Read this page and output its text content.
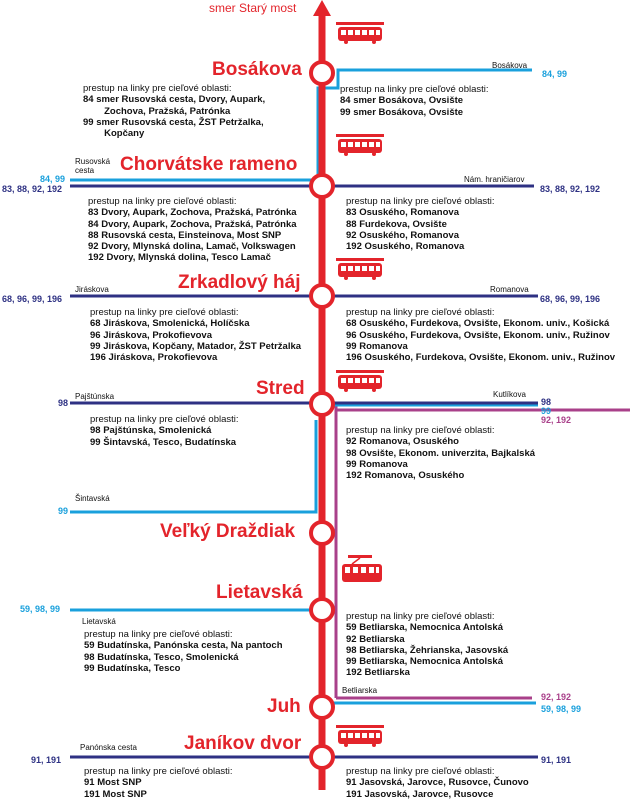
smer Starý most
Bosákova	Bosákova
84, 99
prestup na linky pre cieľové oblasti:
84 smer Rusovská cesta, Dvory, Aupark,
Zochova, Pražská, Patrónka
99 smer Rusovská cesta, ŽST Petržalka,
Kopčany
prestup na linky pre cieľové oblasti:
84 smer Bosákova, Ovsište
99 smer Bosákova, Ovsište
Chorvátske rameno
Rusovská
cesta
84, 99
83, 88, 92, 192
Nám. hraničiarov
83, 88, 92, 192
prestup na linky pre cieľové oblasti:
83 Dvory, Aupark, Zochova, Pražská, Patrónka
84 Dvory, Aupark, Zochova, Pražská, Patrónka
88 Rusovská cesta, Einsteinova, Most SNP
92 Dvory, Mlynská dolina, Lamač, Volkswagen
192 Dvory, Mlynská dolina, Tesco Lamač
prestup na linky pre cieľové oblasti:
83 Osuského, Romanova
88 Furdekova, Ovsište
92 Osuského, Romanova
192 Osuského, Romanova
Zrkadlový háj
Jiráskova
68, 96, 99, 196
Romanova
68, 96, 99, 196
prestup na linky pre cieľové oblasti:
68 Jiráskova, Smolenická, Holíčska
96 Jiráskova, Prokofievova
99 Jiráskova, Kopčany, Matador, ŽST Petržalka
196 Jiráskova, Prokofievova
prestup na linky pre cieľové oblasti:
68 Osuského, Furdekova, Ovsište, Ekonom. univ., Košická
96 Osuského, Furdekova, Ovsište, Ekonom. univ., Ružinov
99 Romanova
196 Osuského, Furdekova, Ovsište, Ekonom. univ., Ružinov
Stred
Pajštúnska
98
Kutlíkova
98
99
92, 192
prestup na linky pre cieľové oblasti:
98 Pajštúnska, Smolenická
99 Šintavská, Tesco, Budatínska
prestup na linky pre cieľové oblasti:
92 Romanova, Osuského
98 Ovsište, Ekonom. univerzita, Bajkalská
99 Romanova
192 Romanova, Osuského
Šintavská
99
Veľký Draždiak
Lietavská
59, 98, 99
Lietavská
prestup na linky pre cieľové oblasti:
59 Budatínska, Panónska cesta, Na pantoch
98 Budatínska, Tesco, Smolenická
99 Budatínska, Tesco
prestup na linky pre cieľové oblasti:
59 Betliarska, Nemocnica Antolská
92 Betliarska
98 Betliarska, Žehrianska, Jasovská
99 Betliarska, Nemocnica Antolská
192 Betliarska
Juh
Betliarska
92, 192
59, 98, 99
Janíkov dvor
Panónska cesta
91, 191	91, 191
prestup na linky pre cieľové oblasti:
91 Most SNP
191 Most SNP
prestup na linky pre cieľové oblasti:
91 Jasovská, Jarovce, Rusovce, Čunovo
191 Jasovská, Jarovce, Rusovce
